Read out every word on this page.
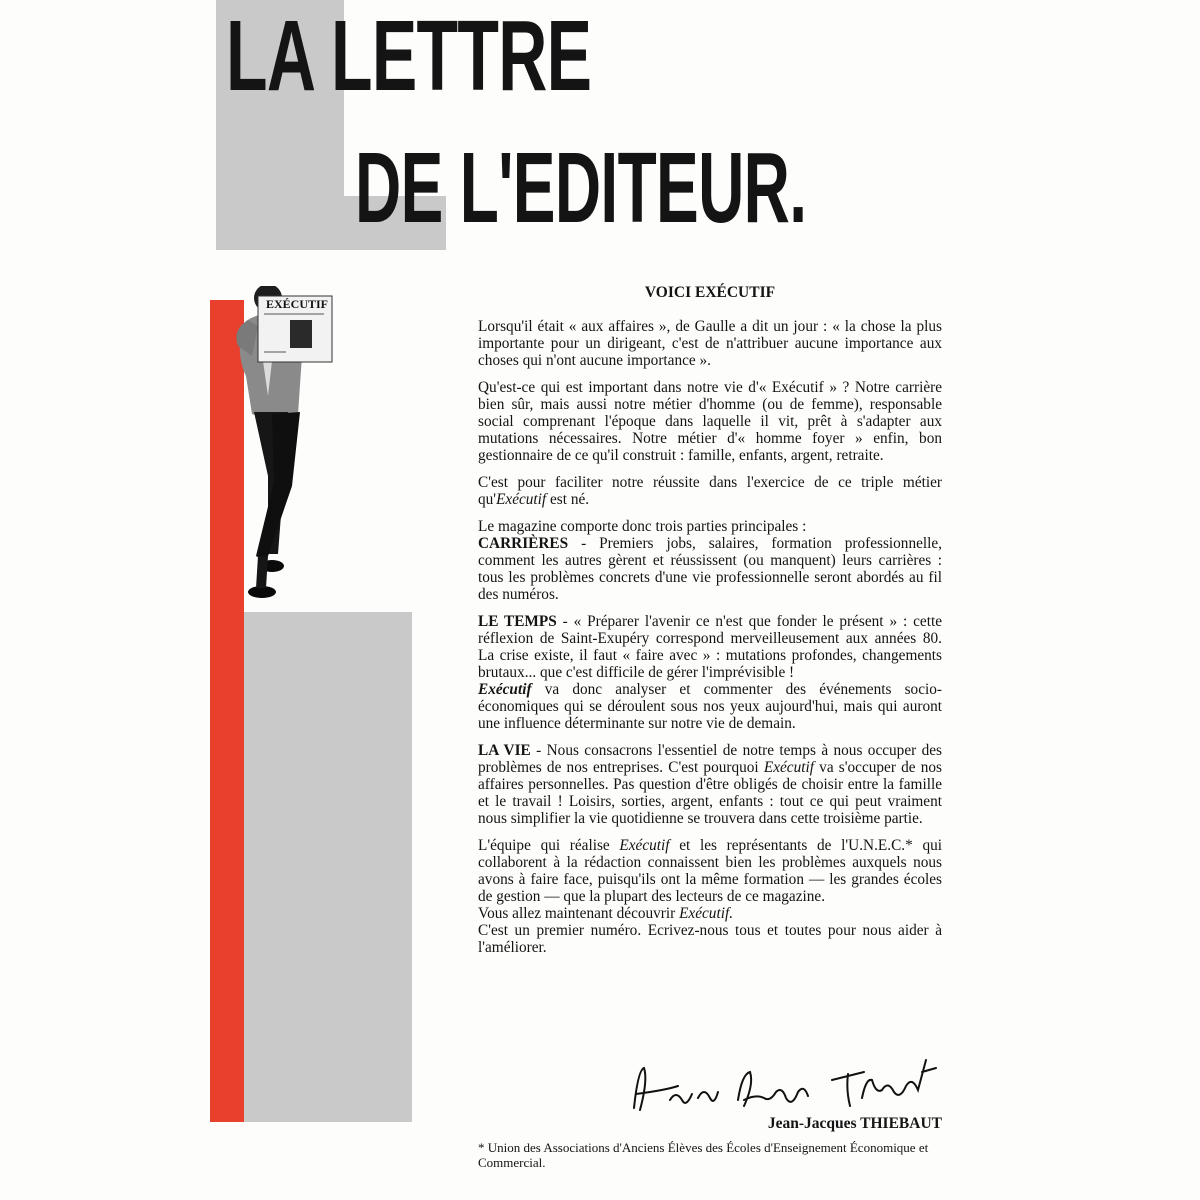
LA LETTRE
DE L'EDITEUR.
EXÉCUTIF
VOICI EXÉCUTIF

Lorsqu'il était « aux affaires », de Gaulle a dit un jour : « la chose la plus importante pour un dirigeant, c'est de n'attribuer aucune importance aux choses qui n'ont aucune importance ».

Qu'est-ce qui est important dans notre vie d'« Exécutif » ? Notre carrière bien sûr, mais aussi notre métier d'homme (ou de femme), responsable social comprenant l'époque dans laquelle il vit, prêt à s'adapter aux mutations nécessaires. Notre métier d'« homme foyer » enfin, bon gestionnaire de ce qu'il construit : famille, enfants, argent, retraite.

C'est pour faciliter notre réussite dans l'exercice de ce triple métier qu'Exécutif est né.

Le magazine comporte donc trois parties principales :

CARRIÈRES - Premiers jobs, salaires, formation professionnelle, comment les autres gèrent et réussissent (ou manquent) leurs carrières : tous les problèmes concrets d'une vie professionnelle seront abordés au fil des numéros.

LE TEMPS - « Préparer l'avenir ce n'est que fonder le présent » : cette réflexion de Saint-Exupéry correspond merveilleusement aux années 80. La crise existe, il faut « faire avec » : mutations profondes, changements brutaux... que c'est difficile de gérer l'imprévisible !

Exécutif va donc analyser et commenter des événements socio-économiques qui se déroulent sous nos yeux aujourd'hui, mais qui auront une influence déterminante sur notre vie de demain.

LA VIE - Nous consacrons l'essentiel de notre temps à nous occuper des problèmes de nos entreprises. C'est pourquoi Exécutif va s'occuper de nos affaires personnelles. Pas question d'être obligés de choisir entre la famille et le travail ! Loisirs, sorties, argent, enfants : tout ce qui peut vraiment nous simplifier la vie quotidienne se trouvera dans cette troisième partie.

L'équipe qui réalise Exécutif et les représentants de l'U.N.E.C.* qui collaborent à la rédaction connaissent bien les problèmes auxquels nous avons à faire face, puisqu'ils ont la même formation — les grandes écoles de gestion — que la plupart des lecteurs de ce magazine.

Vous allez maintenant découvrir Exécutif.

C'est un premier numéro. Ecrivez-nous tous et toutes pour nous aider à l'améliorer.

Jean-Jacques THIEBAUT
* Union des Associations d'Anciens Élèves des Écoles d'Enseignement Économique et Commercial.
